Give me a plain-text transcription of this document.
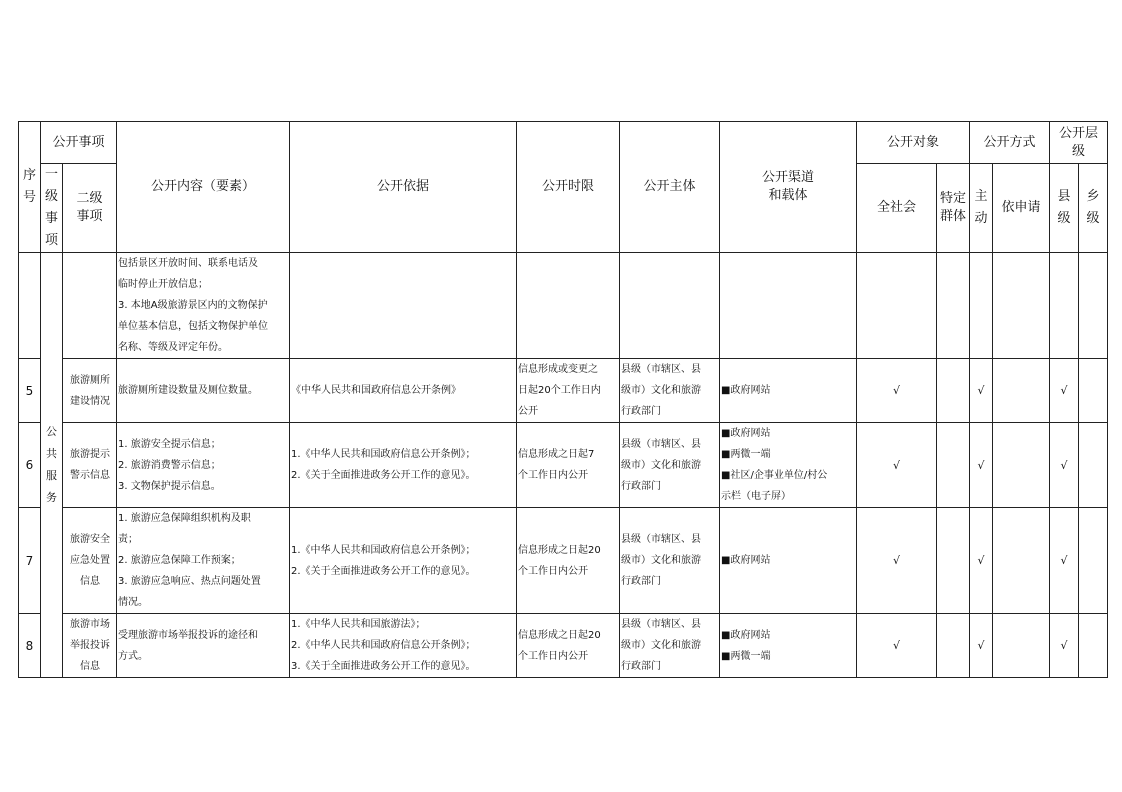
序号	公开事项		公开内容（要素）	公开依据	公开时限	公开主体	公开渠道
和载体	公开对象		公开方式		公开层级	

	一级事项	二级事项						全社会	特定群体	主动	依申请	县级	乡级

	公共服务		包括景区开放时间、联系电话及
临时停止开放信息；
3. 本地A级旅游景区内的文物保护
单位基本信息，包括文物保护单位
名称、等级及评定年份。										

5		旅游厕所
建设情况	旅游厕所建设数量及厕位数量。	《中华人民共和国政府信息公开条例》	信息形成或变更之
日起20个工作日内
公开	县级（市辖区、县
级市）文化和旅游
行政部门	■政府网站	√		√		√	
6		旅游提示
警示信息	1. 旅游安全提示信息；
2. 旅游消费警示信息；
3. 文物保护提示信息。	1.《中华人民共和国政府信息公开条例》；
2.《关于全面推进政务公开工作的意见》。	信息形成之日起7
个工作日内公开	县级（市辖区、县
级市）文化和旅游
行政部门	■政府网站
■两微一端
■社区/企事业单位/村公
示栏（电子屏）	√		√		√	
7		旅游安全
应急处置
信息	1. 旅游应急保障组织机构及职
责；
2. 旅游应急保障工作预案；
3. 旅游应急响应、热点问题处置
情况。	1.《中华人民共和国政府信息公开条例》；
2.《关于全面推进政务公开工作的意见》。	信息形成之日起20
个工作日内公开	县级（市辖区、县
级市）文化和旅游
行政部门	■政府网站	√		√		√	
8		旅游市场
举报投诉
信息	受理旅游市场举报投诉的途径和
方式。	1.《中华人民共和国旅游法》；
2.《中华人民共和国政府信息公开条例》；
3.《关于全面推进政务公开工作的意见》。	信息形成之日起20
个工作日内公开	县级（市辖区、县
级市）文化和旅游
行政部门	■政府网站
■两微一端	√		√		√	
